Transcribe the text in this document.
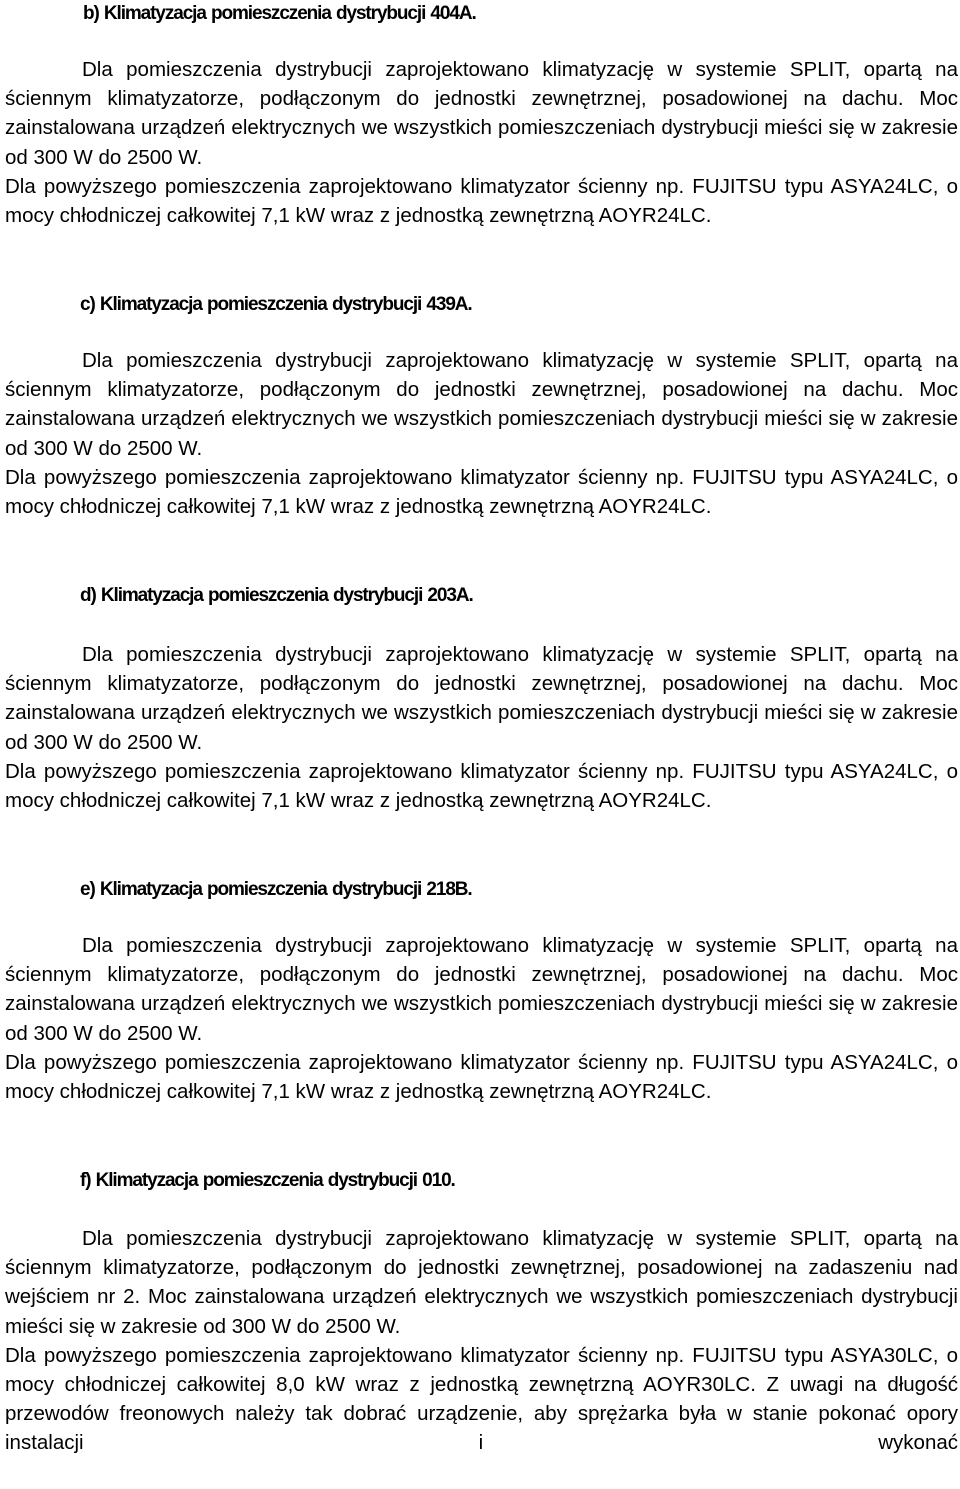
b) Klimatyzacja pomieszczenia dystrybucji 404A.
Dla pomieszczenia dystrybucji zaprojektowano klimatyzację w systemie SPLIT, opartą na ściennym klimatyzatorze, podłączonym do jednostki zewnętrznej, posadowionej na dachu. Moc zainstalowana urządzeń elektrycznych we wszystkich pomieszczeniach dystrybucji mieści się w zakresie od 300 W do 2500 W.
Dla powyższego pomieszczenia zaprojektowano klimatyzator ścienny np. FUJITSU typu ASYA24LC, o mocy chłodniczej całkowitej 7,1 kW wraz z jednostką zewnętrzną AOYR24LC.
c) Klimatyzacja pomieszczenia dystrybucji 439A.
Dla pomieszczenia dystrybucji zaprojektowano klimatyzację w systemie SPLIT, opartą na ściennym klimatyzatorze, podłączonym do jednostki zewnętrznej, posadowionej na dachu. Moc zainstalowana urządzeń elektrycznych we wszystkich pomieszczeniach dystrybucji mieści się w zakresie od 300 W do 2500 W.
Dla powyższego pomieszczenia zaprojektowano klimatyzator ścienny np. FUJITSU typu ASYA24LC, o mocy chłodniczej całkowitej 7,1 kW wraz z jednostką zewnętrzną AOYR24LC.
d) Klimatyzacja pomieszczenia dystrybucji 203A.
Dla pomieszczenia dystrybucji zaprojektowano klimatyzację w systemie SPLIT, opartą na ściennym klimatyzatorze, podłączonym do jednostki zewnętrznej, posadowionej na dachu. Moc zainstalowana urządzeń elektrycznych we wszystkich pomieszczeniach dystrybucji mieści się w zakresie od 300 W do 2500 W.
Dla powyższego pomieszczenia zaprojektowano klimatyzator ścienny np. FUJITSU typu ASYA24LC, o mocy chłodniczej całkowitej 7,1 kW wraz z jednostką zewnętrzną AOYR24LC.
e) Klimatyzacja pomieszczenia dystrybucji 218B.
Dla pomieszczenia dystrybucji zaprojektowano klimatyzację w systemie SPLIT, opartą na ściennym klimatyzatorze, podłączonym do jednostki zewnętrznej, posadowionej na dachu. Moc zainstalowana urządzeń elektrycznych we wszystkich pomieszczeniach dystrybucji mieści się w zakresie od 300 W do 2500 W.
Dla powyższego pomieszczenia zaprojektowano klimatyzator ścienny np. FUJITSU typu ASYA24LC, o mocy chłodniczej całkowitej 7,1 kW wraz z jednostką zewnętrzną AOYR24LC.
f) Klimatyzacja pomieszczenia dystrybucji 010.
Dla pomieszczenia dystrybucji zaprojektowano klimatyzację w systemie SPLIT, opartą na ściennym klimatyzatorze, podłączonym do jednostki zewnętrznej, posadowionej na zadaszeniu nad wejściem nr 2. Moc zainstalowana urządzeń elektrycznych we wszystkich pomieszczeniach dystrybucji mieści się w zakresie od 300 W do 2500 W.
Dla powyższego pomieszczenia zaprojektowano klimatyzator ścienny np. FUJITSU typu ASYA30LC, o mocy chłodniczej całkowitej 8,0 kW wraz z jednostką zewnętrzną AOYR30LC. Z uwagi na długość przewodów freonowych należy tak dobrać urządzenie, aby sprężarka była w stanie pokonać opory instalacji i wykonać
